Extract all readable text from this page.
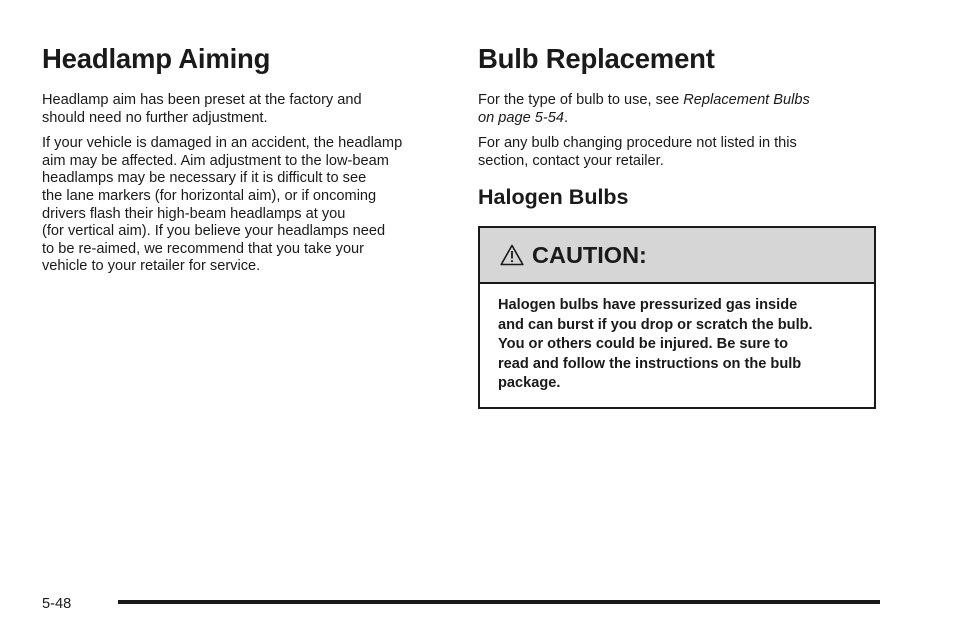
Headlamp Aiming

Headlamp aim has been preset at the factory and
should need no further adjustment.

If your vehicle is damaged in an accident, the headlamp
aim may be affected. Aim adjustment to the low-beam
headlamps may be necessary if it is difficult to see
the lane markers (for horizontal aim), or if oncoming
drivers flash their high-beam headlamps at you
(for vertical aim). If you believe your headlamps need
to be re-aimed, we recommend that you take your
vehicle to your retailer for service.

Bulb Replacement

For the type of bulb to use, see Replacement Bulbs
on page 5-54.

For any bulb changing procedure not listed in this
section, contact your retailer.

Halogen Bulbs
CAUTION:
Halogen bulbs have pressurized gas inside
and can burst if you drop or scratch the bulb.
You or others could be injured. Be sure to
read and follow the instructions on the bulb
package.
5-48
